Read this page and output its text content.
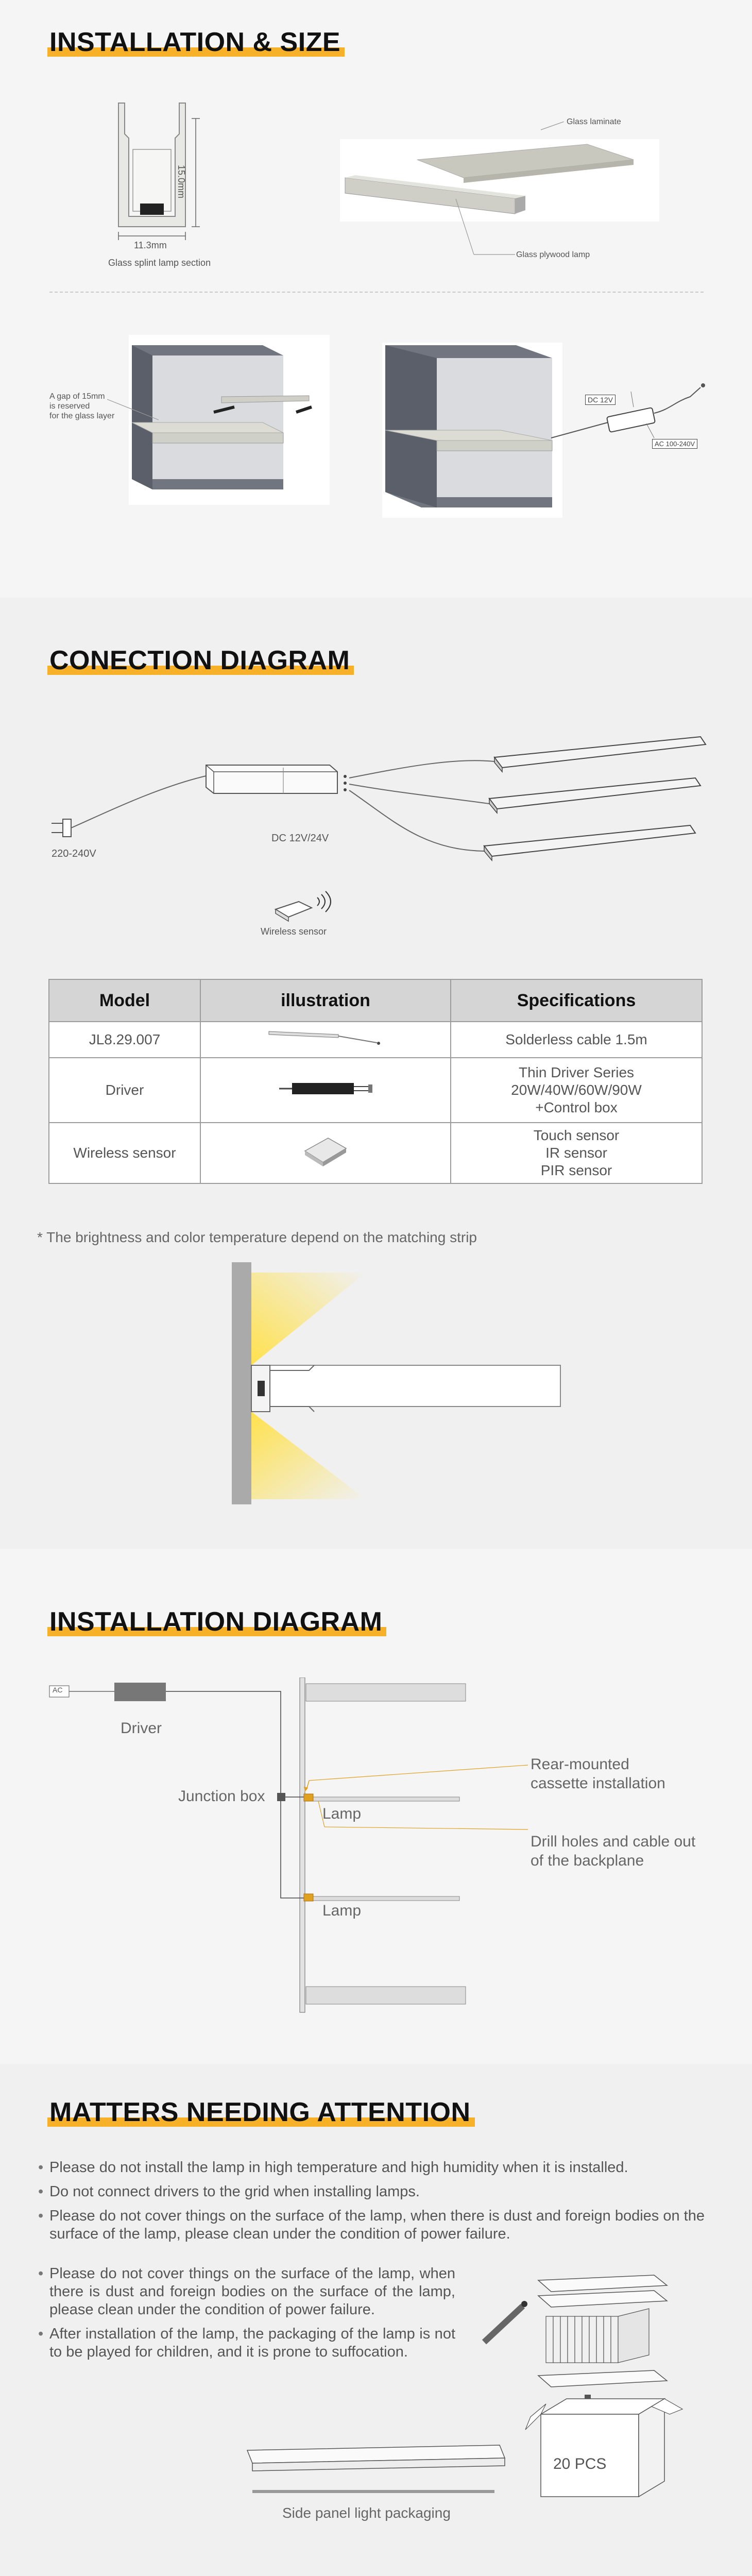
INSTALLATION & SIZE
11.3mm
15.0mm
Glass splint lamp section
Glass laminate
Glass plywood lamp
A gap of 15mm
is reserved
for the glass layer
DC 12V
AC 100-240V
CONECTION DIAGRAM
220-240V
DC 12V/24V
Wireless sensor
Model	illustration	Specifications
JL8.29.007		Solderless cable 1.5m

Driver		Thin Driver Series
20W/40W/60W/90W
+Control box

Wireless sensor		Touch sensor
IR sensor
PIR sensor
* The brightness and color temperature depend on the matching strip
INSTALLATION DIAGRAM
AC
Driver
Junction box
Lamp
Lamp
Rear-mounted
cassette installation
Drill holes and cable out
of the backplane
MATTERS NEEDING ATTENTION
• Please do not install the lamp in high temperature and high humidity when it is installed.
• Do not connect drivers to the grid when installing lamps.
• Please do not cover things on the surface of the lamp, when there is dust and foreign bodies on the surface of the lamp, please clean under the condition of power failure.
• Please do not cover things on the surface of the lamp, when there is dust and foreign bodies on the surface of the lamp, please clean under the condition of power failure.
• After installation of the lamp, the packaging of the lamp is not to be played for children, and it is prone to suffocation.
20 PCS
Side panel light packaging
